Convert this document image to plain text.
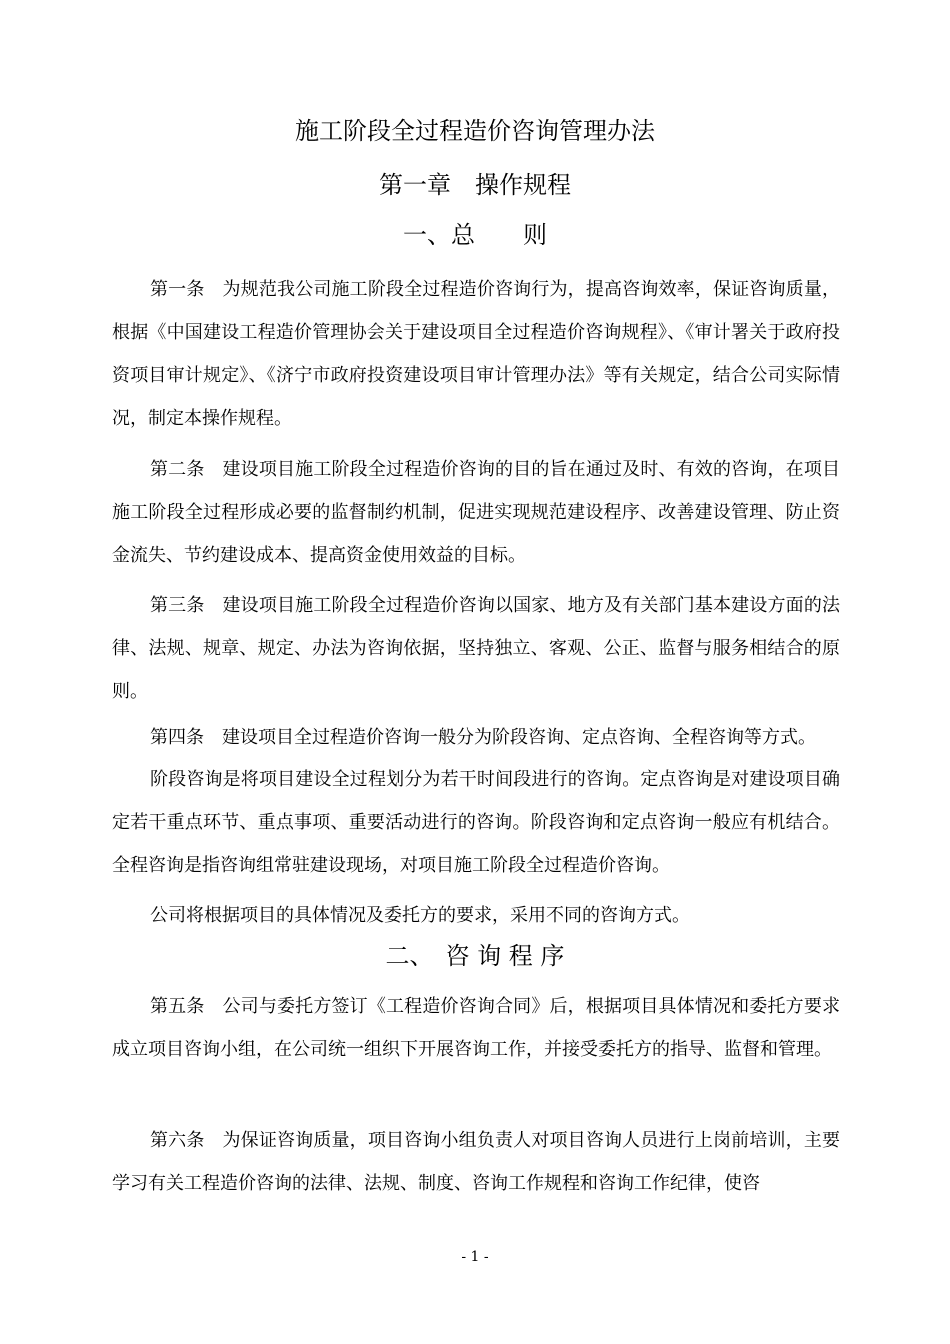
施工阶段全过程造价咨询管理办法
第一章　操作规程
一、总　　则

第一条 为规范我公司施工阶段全过程造价咨询行为，提高咨询效率，保证咨询质量，根据《中国建设工程造价管理协会关于建设项目全过程造价咨询规程》、《审计署关于政府投资项目审计规定》、《济宁市政府投资建设项目审计管理办法》等有关规定，结合公司实际情况，制定本操作规程。

第二条 建设项目施工阶段全过程造价咨询的目的旨在通过及时、有效的咨询，在项目施工阶段全过程形成必要的监督制约机制，促进实现规范建设程序、改善建设管理、防止资金流失、节约建设成本、提高资金使用效益的目标。

第三条 建设项目施工阶段全过程造价咨询以国家、地方及有关部门基本建设方面的法律、法规、规章、规定、办法为咨询依据，坚持独立、客观、公正、监督与服务相结合的原则。

第四条 建设项目全过程造价咨询一般分为阶段咨询、定点咨询、全程咨询等方式。

阶段咨询是将项目建设全过程划分为若干时间段进行的咨询。定点咨询是对建设项目确定若干重点环节、重点事项、重要活动进行的咨询。阶段咨询和定点咨询一般应有机结合。全程咨询是指咨询组常驻建设现场，对项目施工阶段全过程造价咨询。

公司将根据项目的具体情况及委托方的要求，采用不同的咨询方式。

二、　咨 询 程 序

第五条 公司与委托方签订《工程造价咨询合同》后，根据项目具体情况和委托方要求成立项目咨询小组，在公司统一组织下开展咨询工作，并接受委托方的指导、监督和管理。

第六条 为保证咨询质量，项目咨询小组负责人对项目咨询人员进行上岗前培训，主要学习有关工程造价咨询的法律、法规、制度、咨询工作规程和咨询工作纪律，使咨

- 1 -
